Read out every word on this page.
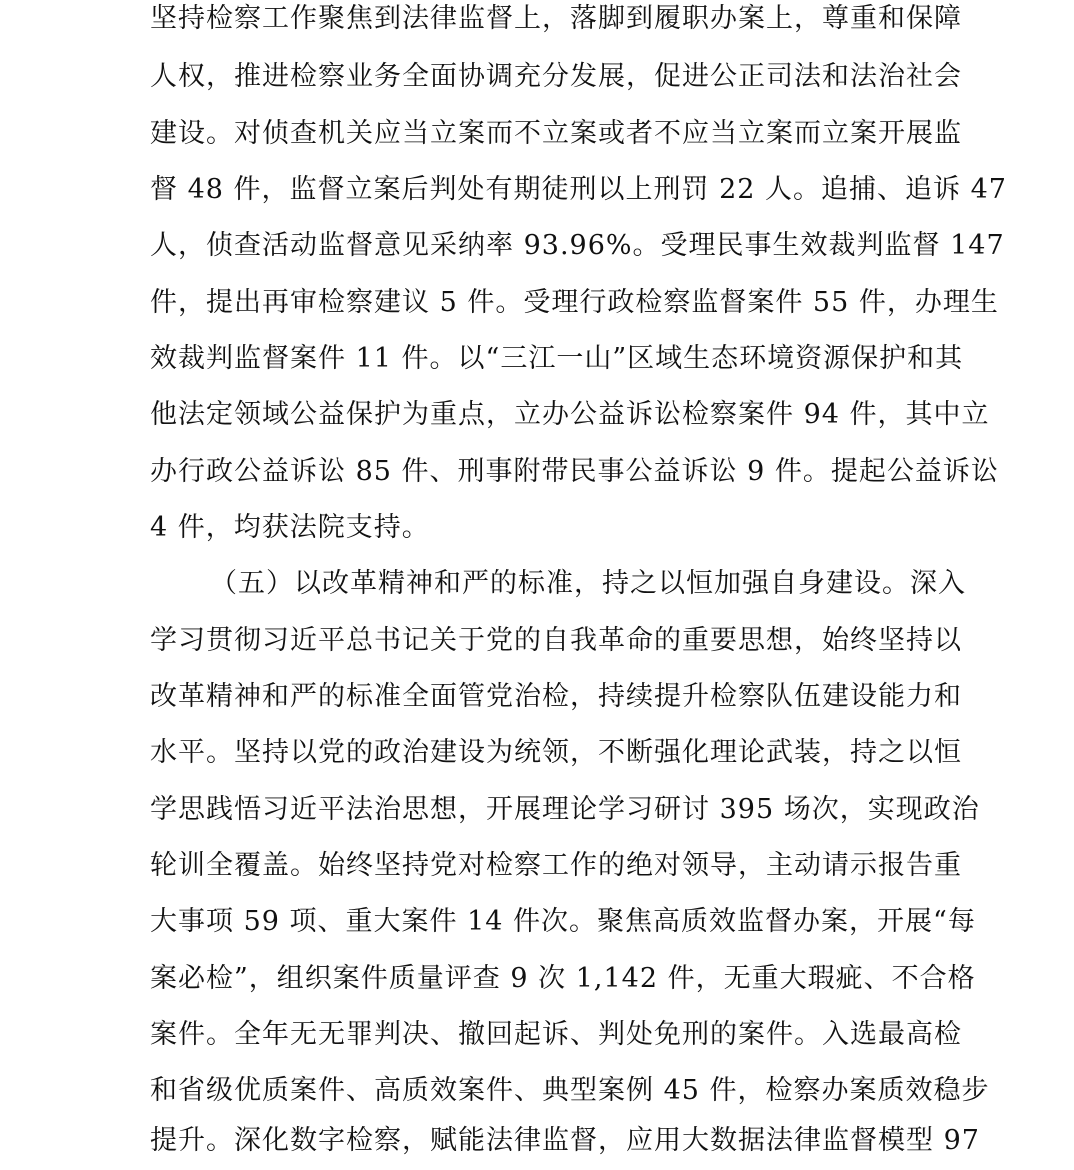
坚持检察工作聚焦到法律监督上，落脚到履职办案上，尊重和保障
人权，推进检察业务全面协调充分发展，促进公正司法和法治社会
建设。对侦查机关应当立案而不立案或者不应当立案而立案开展监
督 48 件，监督立案后判处有期徒刑以上刑罚 22 人。追捕、追诉 47
人，侦查活动监督意见采纳率 93.96%。受理民事生效裁判监督 147
件，提出再审检察建议 5 件。受理行政检察监督案件 55 件，办理生
效裁判监督案件 11 件。以“三江一山”区域生态环境资源保护和其
他法定领域公益保护为重点，立办公益诉讼检察案件 94 件，其中立
办行政公益诉讼 85 件、刑事附带民事公益诉讼 9 件。提起公益诉讼
4 件，均获法院支持。
（五）以改革精神和严的标准，持之以恒加强自身建设。深入
学习贯彻习近平总书记关于党的自我革命的重要思想，始终坚持以
改革精神和严的标准全面管党治检，持续提升检察队伍建设能力和
水平。坚持以党的政治建设为统领，不断强化理论武装，持之以恒
学思践悟习近平法治思想，开展理论学习研讨 395 场次，实现政治
轮训全覆盖。始终坚持党对检察工作的绝对领导，主动请示报告重
大事项 59 项、重大案件 14 件次。聚焦高质效监督办案，开展“每
案必检”，组织案件质量评查 9 次 1,142 件，无重大瑕疵、不合格
案件。全年无无罪判决、撤回起诉、判处免刑的案件。入选最高检
和省级优质案件、高质效案件、典型案例 45 件，检察办案质效稳步
提升。深化数字检察，赋能法律监督，应用大数据法律监督模型 97
